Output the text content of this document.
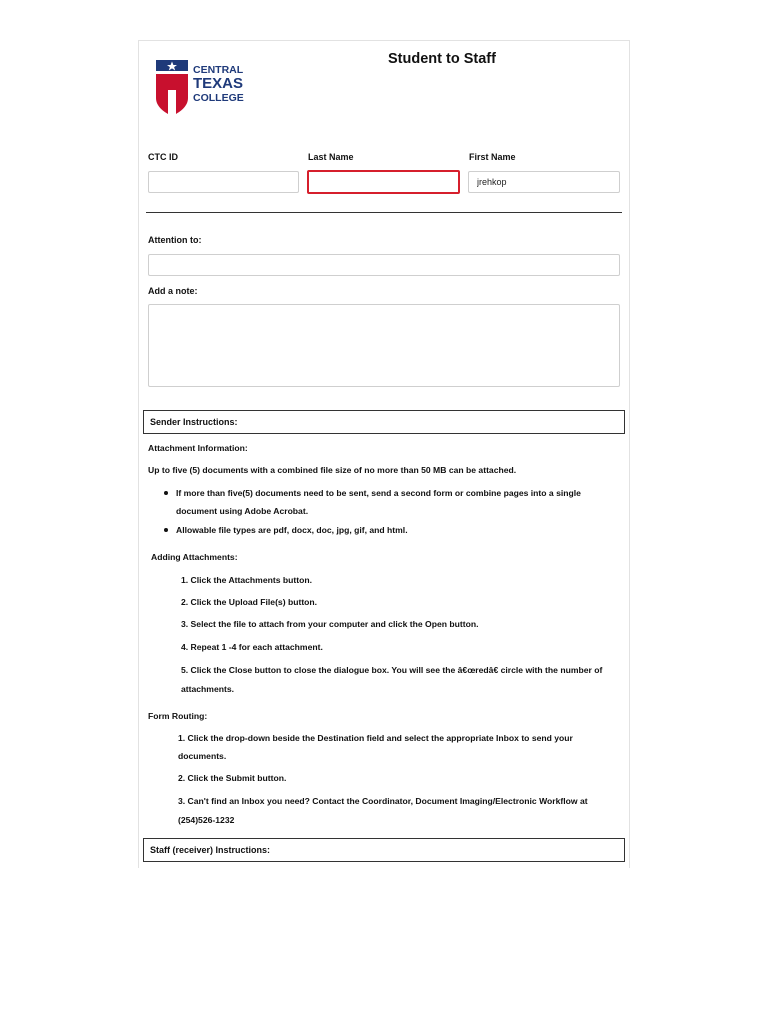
CENTRAL
TEXAS
COLLEGE
Student to Staff
CTC ID	Last Name	First Name
jrehkop
Attention to:
Add a note:
Sender Instructions:
Attachment Information:
Up to five (5) documents with a combined file size of no more than 50 MB can be attached.
If more than five(5) documents need to be sent, send a second form or combine pages into a single
document using Adobe Acrobat.
Allowable file types are pdf, docx, doc, jpg, gif, and html.
Adding Attachments:
1. Click the Attachments button.
2. Click the Upload File(s) button.
3. Select the file to attach from your computer and click the Open button.
4. Repeat 1 -4 for each attachment.
5. Click the Close button to close the dialogue box. You will see the â€œredâ€ circle with the number of
attachments.
Form Routing:
1. Click the drop-down beside the Destination field and select the appropriate Inbox to send your
documents.
2. Click the Submit button.
3. Can't find an Inbox you need? Contact the Coordinator, Document Imaging/Electronic Workflow at
(254)526-1232
Staff (receiver) Instructions:
